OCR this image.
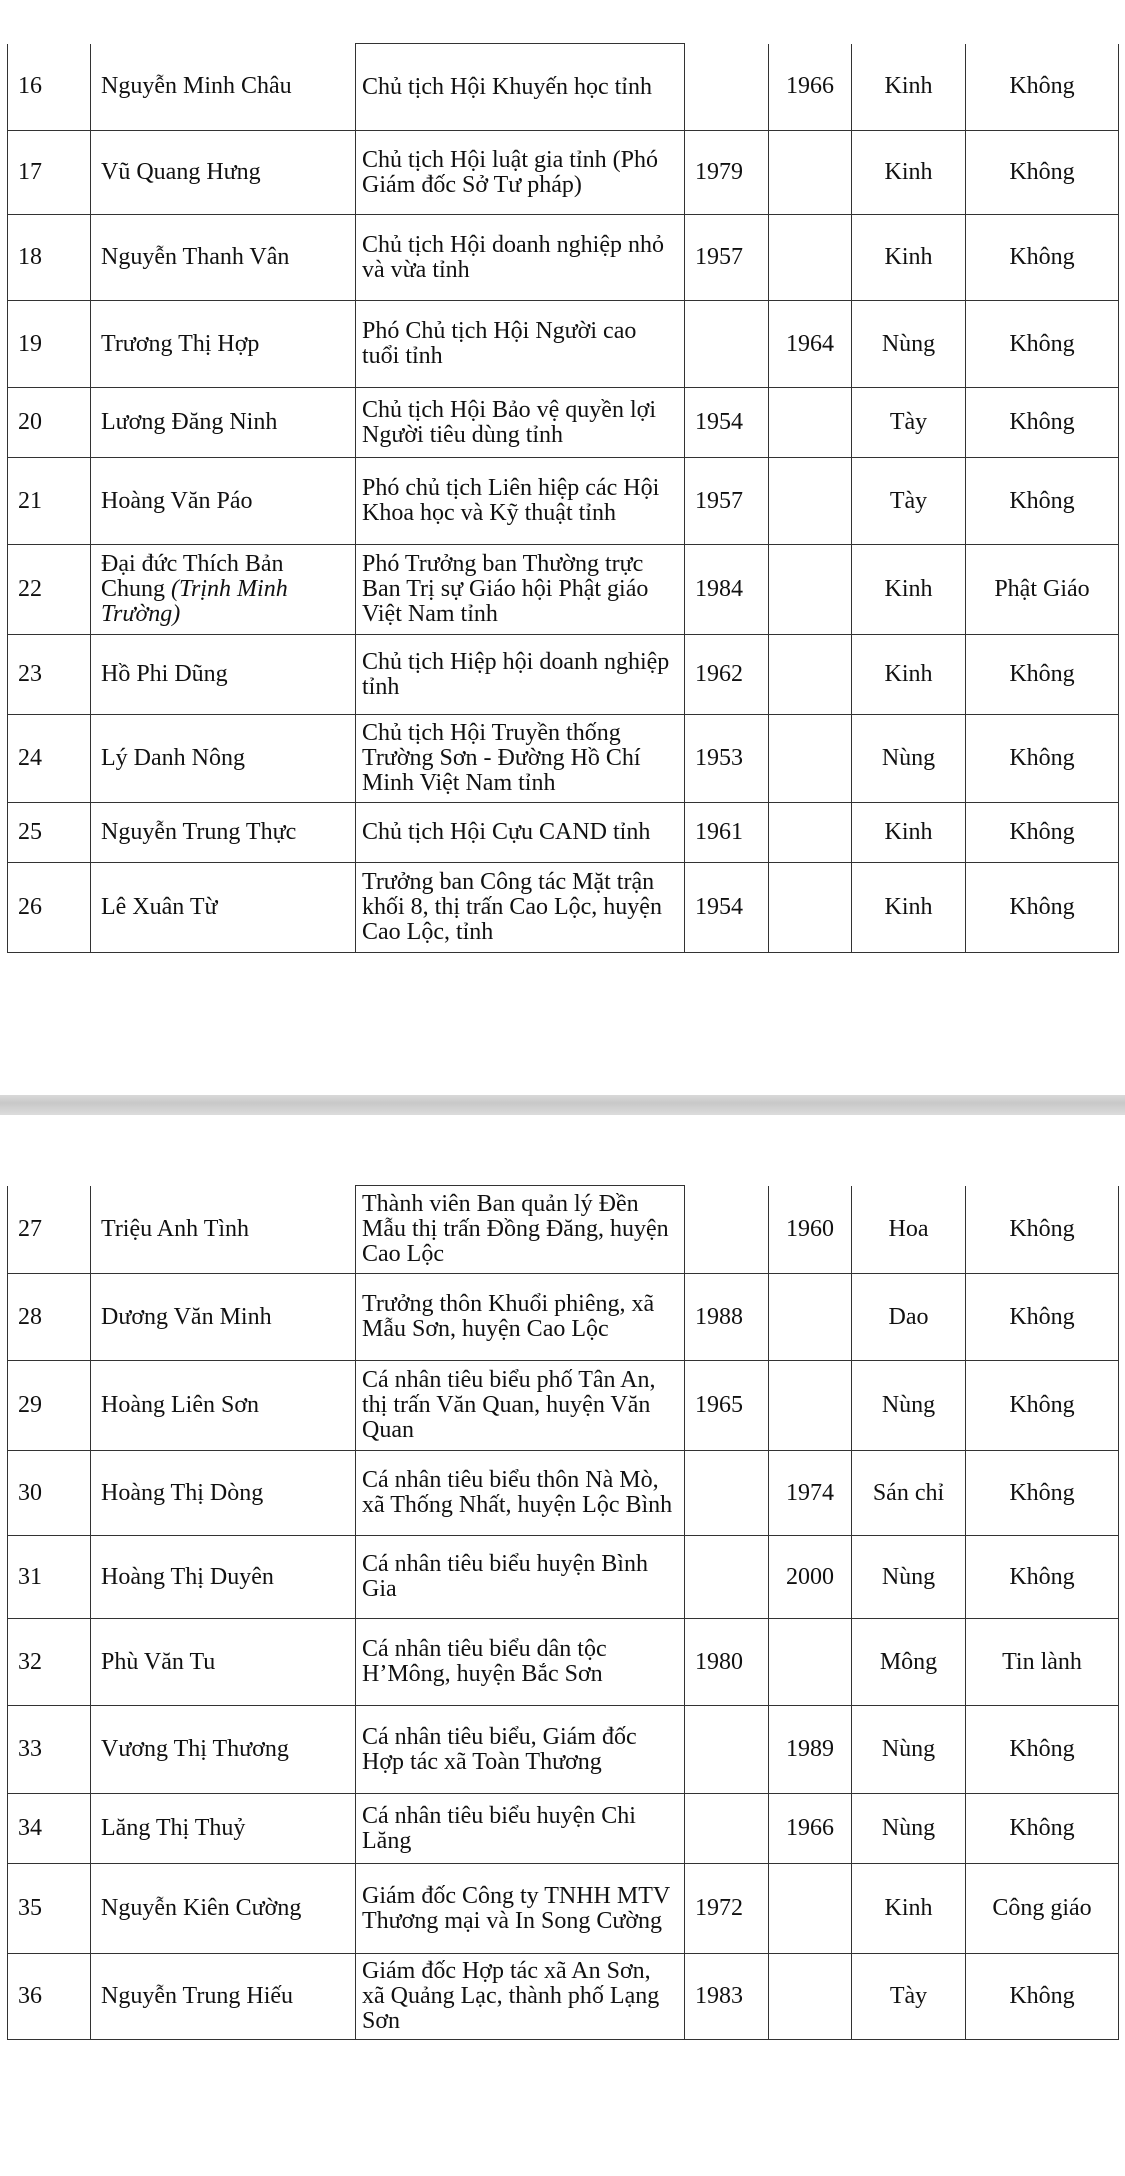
16	Nguyễn Minh Châu	Chủ tịch Hội Khuyến học tỉnh		1966	Kinh	Không	
17	Vũ Quang Hưng	Chủ tịch Hội luật gia tỉnh (Phó Giám đốc Sở Tư pháp)	1979		Kinh	Không	
18	Nguyễn Thanh Vân	Chủ tịch Hội doanh nghiệp nhỏ và vừa tỉnh	1957		Kinh	Không	
19	Trương Thị Hợp	Phó Chủ tịch Hội Người cao tuổi tỉnh		1964	Nùng	Không	
20	Lương Đăng Ninh	Chủ tịch Hội Bảo vệ quyền lợi Người tiêu dùng tỉnh	1954		Tày	Không	
21	Hoàng Văn Páo	Phó chủ tịch Liên hiệp các Hội Khoa học và Kỹ thuật tỉnh	1957		Tày	Không	
22	Đại đức Thích Bản Chung (Trịnh Minh Trường)	Phó Trưởng ban Thường trực Ban Trị sự Giáo hội Phật giáo Việt Nam tỉnh	1984		Kinh	Phật Giáo	
23	Hồ Phi Dũng	Chủ tịch Hiệp hội doanh nghiệp tỉnh	1962		Kinh	Không	
24	Lý Danh Nông	Chủ tịch Hội Truyền thống Trường Sơn - Đường Hồ Chí Minh Việt Nam tỉnh	1953		Nùng	Không	
25	Nguyễn Trung Thực	Chủ tịch Hội Cựu CAND tỉnh	1961		Kinh	Không	
26	Lê Xuân Từ	Trưởng ban Công tác Mặt trận khối 8, thị trấn Cao Lộc, huyện Cao Lộc, tỉnh	1954		Kinh	Không	
27	Triệu Anh Tình	Thành viên Ban quản lý Đền Mẫu thị trấn Đồng Đăng, huyện Cao Lộc		1960	Hoa	Không	
28	Dương Văn Minh	Trưởng thôn Khuổi phiêng, xã Mẫu Sơn, huyện Cao Lộc	1988		Dao	Không	
29	Hoàng Liên Sơn	Cá nhân tiêu biểu phố Tân An, thị trấn Văn Quan, huyện Văn Quan	1965		Nùng	Không	
30	Hoàng Thị Dòng	Cá nhân tiêu biểu thôn Nà Mò, xã Thống Nhất, huyện Lộc Bình		1974	Sán chỉ	Không	
31	Hoàng Thị Duyên	Cá nhân tiêu biểu huyện Bình Gia		2000	Nùng	Không	
32	Phù Văn Tu	Cá nhân tiêu biểu dân tộc H’Mông, huyện Bắc Sơn	1980		Mông	Tin lành	
33	Vương Thị Thương	Cá nhân tiêu biểu, Giám đốc Hợp tác xã Toàn Thương		1989	Nùng	Không	
34	Lăng Thị Thuỷ	Cá nhân tiêu biểu huyện Chi Lăng		1966	Nùng	Không	
35	Nguyễn Kiên Cường	Giám đốc Công ty TNHH MTV Thương mại và In Song Cường	1972		Kinh	Công giáo	
36	Nguyễn Trung Hiếu	Giám đốc Hợp tác xã An Sơn, xã Quảng Lạc, thành phố Lạng Sơn	1983		Tày	Không	
